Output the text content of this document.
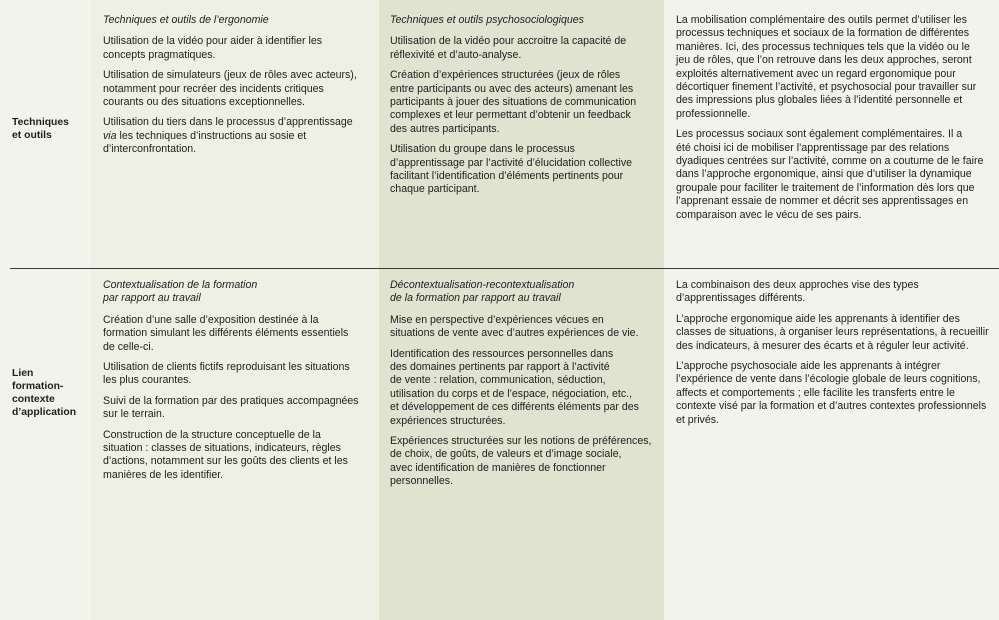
Techniques
et outils

Techniques et outils de l’ergonomie

Utilisation de la vidéo pour aider à identifier les
concepts pragmatiques.

Utilisation de simulateurs (jeux de rôles avec acteurs),
notamment pour recréer des incidents critiques
courants ou des situations exceptionnelles.

Utilisation du tiers dans le processus d’apprentissage
via les techniques d’instructions au sosie et
d’interconfrontation.

Techniques et outils psychosociologiques

Utilisation de la vidéo pour accroitre la capacité de
réflexivité et d’auto-analyse.

Création d’expériences structurées (jeux de rôles
entre participants ou avec des acteurs) amenant les
participants à jouer des situations de communication
complexes et leur permettant d’obtenir un feedback
des autres participants.

Utilisation du groupe dans le processus
d’apprentissage par l’activité d’élucidation collective
facilitant l’identification d’éléments pertinents pour
chaque participant.

La mobilisation complémentaire des outils permet d’utiliser les
processus techniques et sociaux de la formation de différentes
manières. Ici, des processus techniques tels que la vidéo ou le
jeu de rôles, que l’on retrouve dans les deux approches, seront
exploités alternativement avec un regard ergonomique pour
décortiquer finement l’activité, et psychosocial pour travailler sur
des impressions plus globales liées à l’identité personnelle et
professionnelle.

Les processus sociaux sont également complémentaires. Il a
été choisi ici de mobiliser l’apprentissage par des relations
dyadiques centrées sur l’activité, comme on a coutume de le faire
dans l’approche ergonomique, ainsi que d’utiliser la dynamique
groupale pour faciliter le traitement de l’information dès lors que
l’apprenant essaie de nommer et décrit ses apprentissages en
comparaison avec le vécu de ses pairs.

Lien
formation-
contexte
d’application

Contextualisation de la formation
par rapport au travail

Création d’une salle d’exposition destinée à la
formation simulant les différents éléments essentiels
de celle-ci.

Utilisation de clients fictifs reproduisant les situations
les plus courantes.

Suivi de la formation par des pratiques accompagnées
sur le terrain.

Construction de la structure conceptuelle de la
situation : classes de situations, indicateurs, règles
d’actions, notamment sur les goûts des clients et les
manières de les identifier.

Décontextualisation-recontextualisation
de la formation par rapport au travail

Mise en perspective d’expériences vécues en
situations de vente avec d’autres expériences de vie.

Identification des ressources personnelles dans
des domaines pertinents par rapport à l’activité
de vente : relation, communication, séduction,
utilisation du corps et de l’espace, négociation, etc.,
et développement de ces différents éléments par des
expériences structurées.

Expériences structurées sur les notions de préférences,
de choix, de goûts, de valeurs et d’image sociale,
avec identification de manières de fonctionner
personnelles.

La combinaison des deux approches vise des types
d’apprentissages différents.

L’approche ergonomique aide les apprenants à identifier des
classes de situations, à organiser leurs représentations, à recueillir
des indicateurs, à mesurer des écarts et à réguler leur activité.

L’approche psychosociale aide les apprenants à intégrer
l’expérience de vente dans l’écologie globale de leurs cognitions,
affects et comportements ; elle facilite les transferts entre le
contexte visé par la formation et d’autres contextes professionnels
et privés.
